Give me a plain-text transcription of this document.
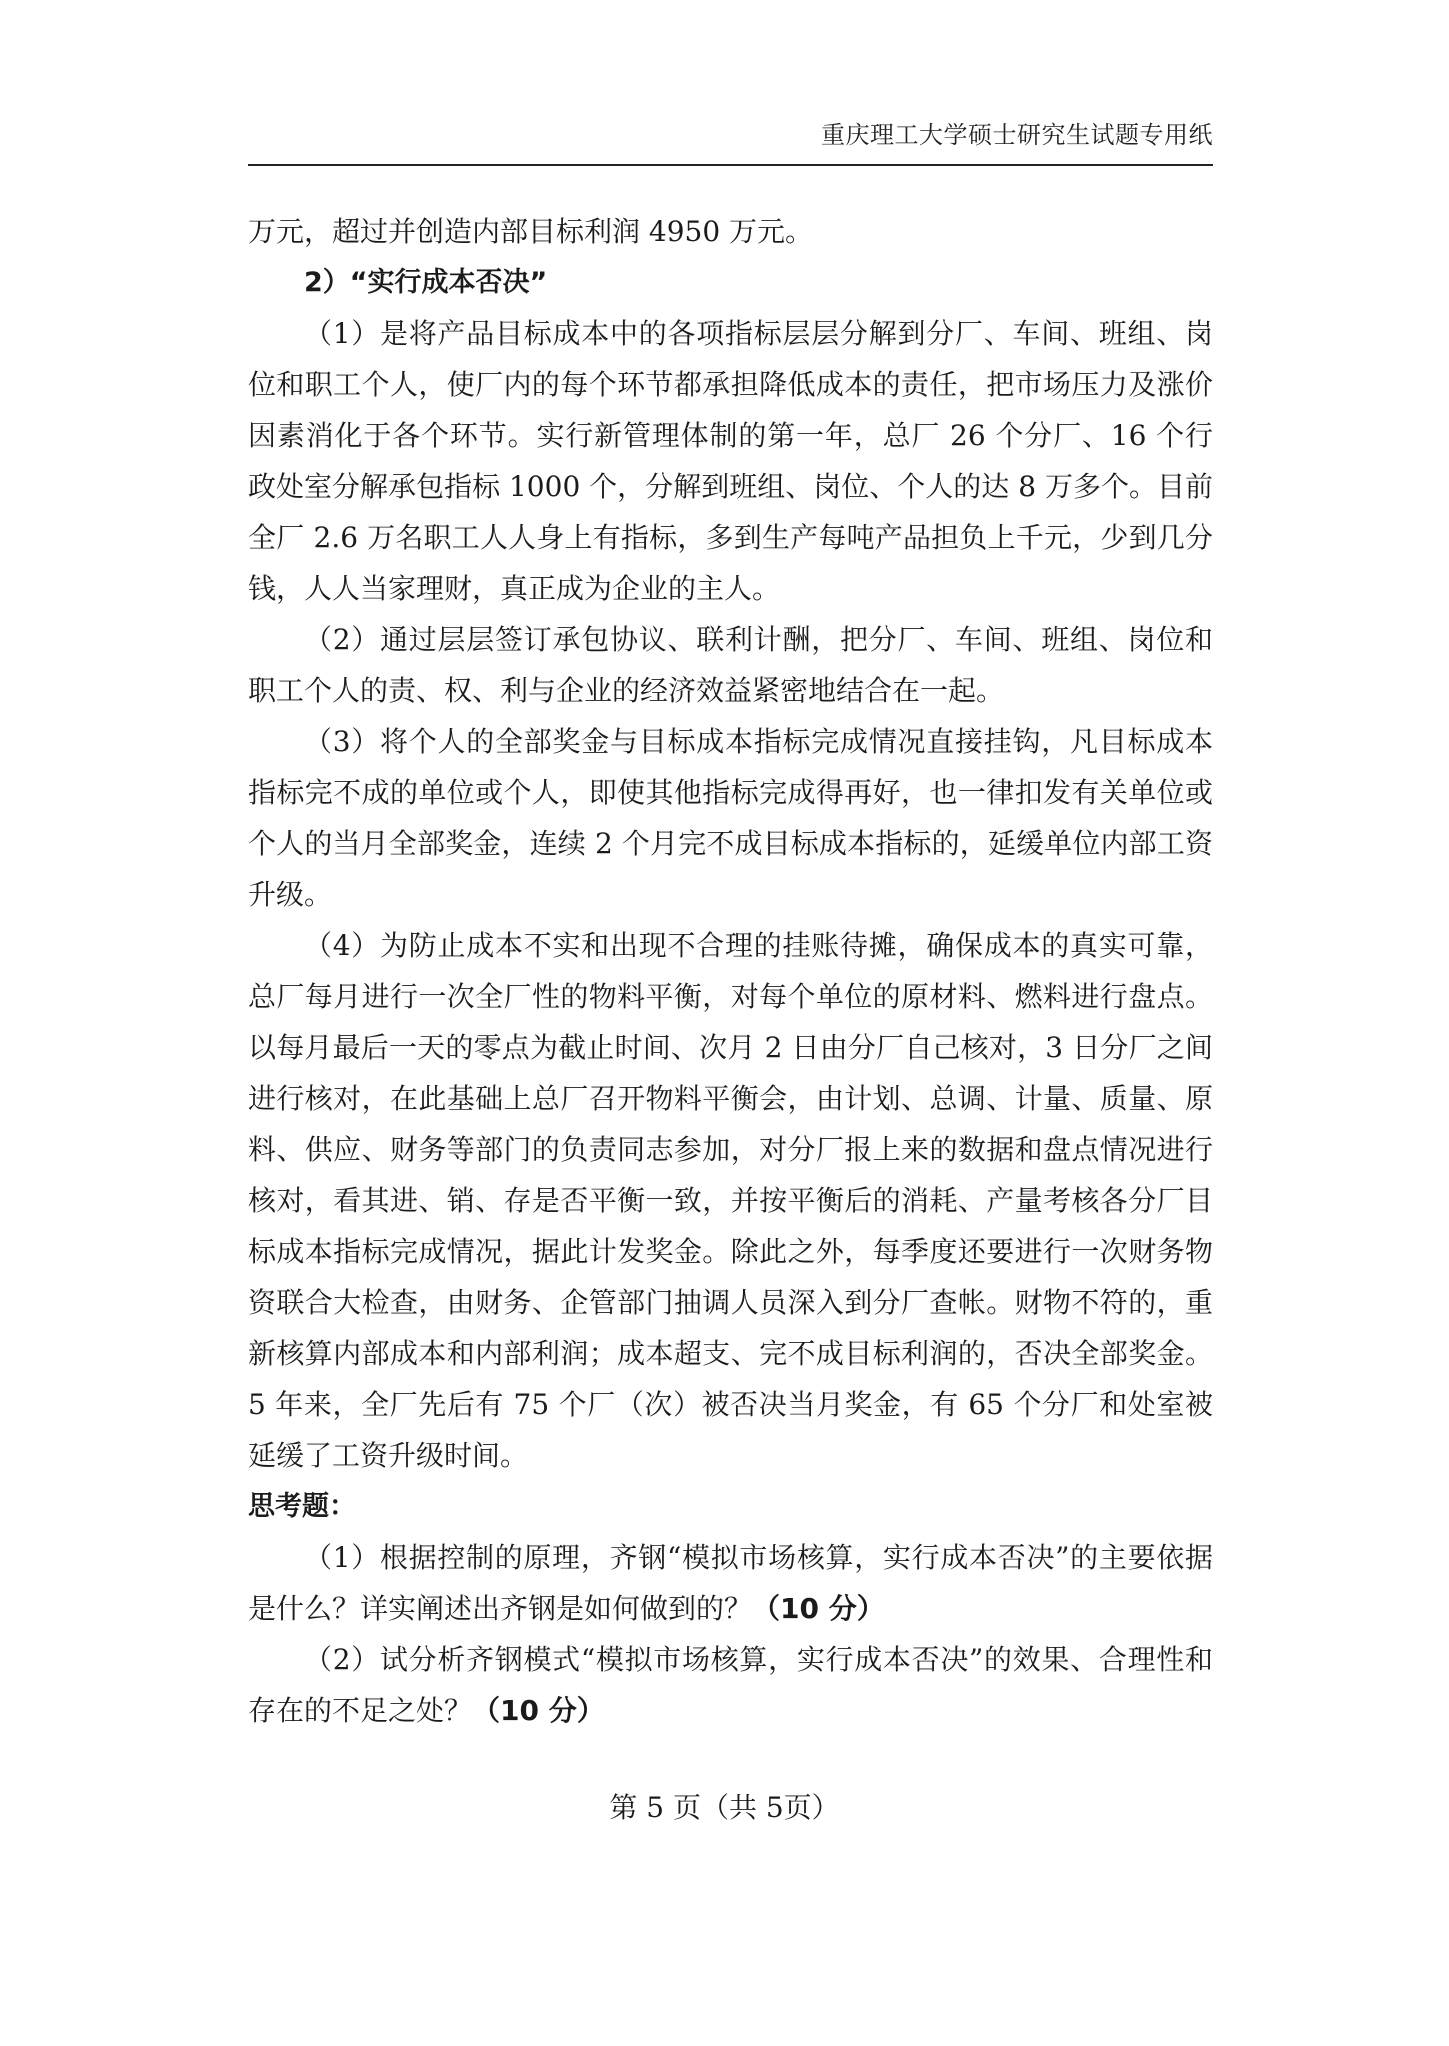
重庆理工大学硕士研究生试题专用纸

万元，超过并创造内部目标利润 4950 万元。

2）“实行成本否决”

（1）是将产品目标成本中的各项指标层层分解到分厂、车间、班组、岗位和职工个人，使厂内的每个环节都承担降低成本的责任，把市场压力及涨价因素消化于各个环节。实行新管理体制的第一年，总厂 26 个分厂、16 个行政处室分解承包指标 1000 个，分解到班组、岗位、个人的达 8 万多个。目前全厂 2.6 万名职工人人身上有指标，多到生产每吨产品担负上千元，少到几分钱，人人当家理财，真正成为企业的主人。

（2）通过层层签订承包协议、联利计酬，把分厂、车间、班组、岗位和职工个人的责、权、利与企业的经济效益紧密地结合在一起。

（3）将个人的全部奖金与目标成本指标完成情况直接挂钩，凡目标成本指标完不成的单位或个人，即使其他指标完成得再好，也一律扣发有关单位或个人的当月全部奖金，连续 2 个月完不成目标成本指标的，延缓单位内部工资升级。

（4）为防止成本不实和出现不合理的挂账待摊，确保成本的真实可靠，总厂每月进行一次全厂性的物料平衡，对每个单位的原材料、燃料进行盘点。以每月最后一天的零点为截止时间、次月 2 日由分厂自己核对，3 日分厂之间进行核对，在此基础上总厂召开物料平衡会，由计划、总调、计量、质量、原料、供应、财务等部门的负责同志参加，对分厂报上来的数据和盘点情况进行核对，看其进、销、存是否平衡一致，并按平衡后的消耗、产量考核各分厂目标成本指标完成情况，据此计发奖金。除此之外，每季度还要进行一次财务物资联合大检查，由财务、企管部门抽调人员深入到分厂查帐。财物不符的，重新核算内部成本和内部利润；成本超支、完不成目标利润的，否决全部奖金。5 年来，全厂先后有 75 个厂（次）被否决当月奖金，有 65 个分厂和处室被延缓了工资升级时间。

思考题：

（1）根据控制的原理，齐钢“模拟市场核算，实行成本否决”的主要依据是什么？详实阐述出齐钢是如何做到的？（10 分）

（2）试分析齐钢模式“模拟市场核算，实行成本否决”的效果、合理性和存在的不足之处？（10 分）

第 5 页（共 5页）
